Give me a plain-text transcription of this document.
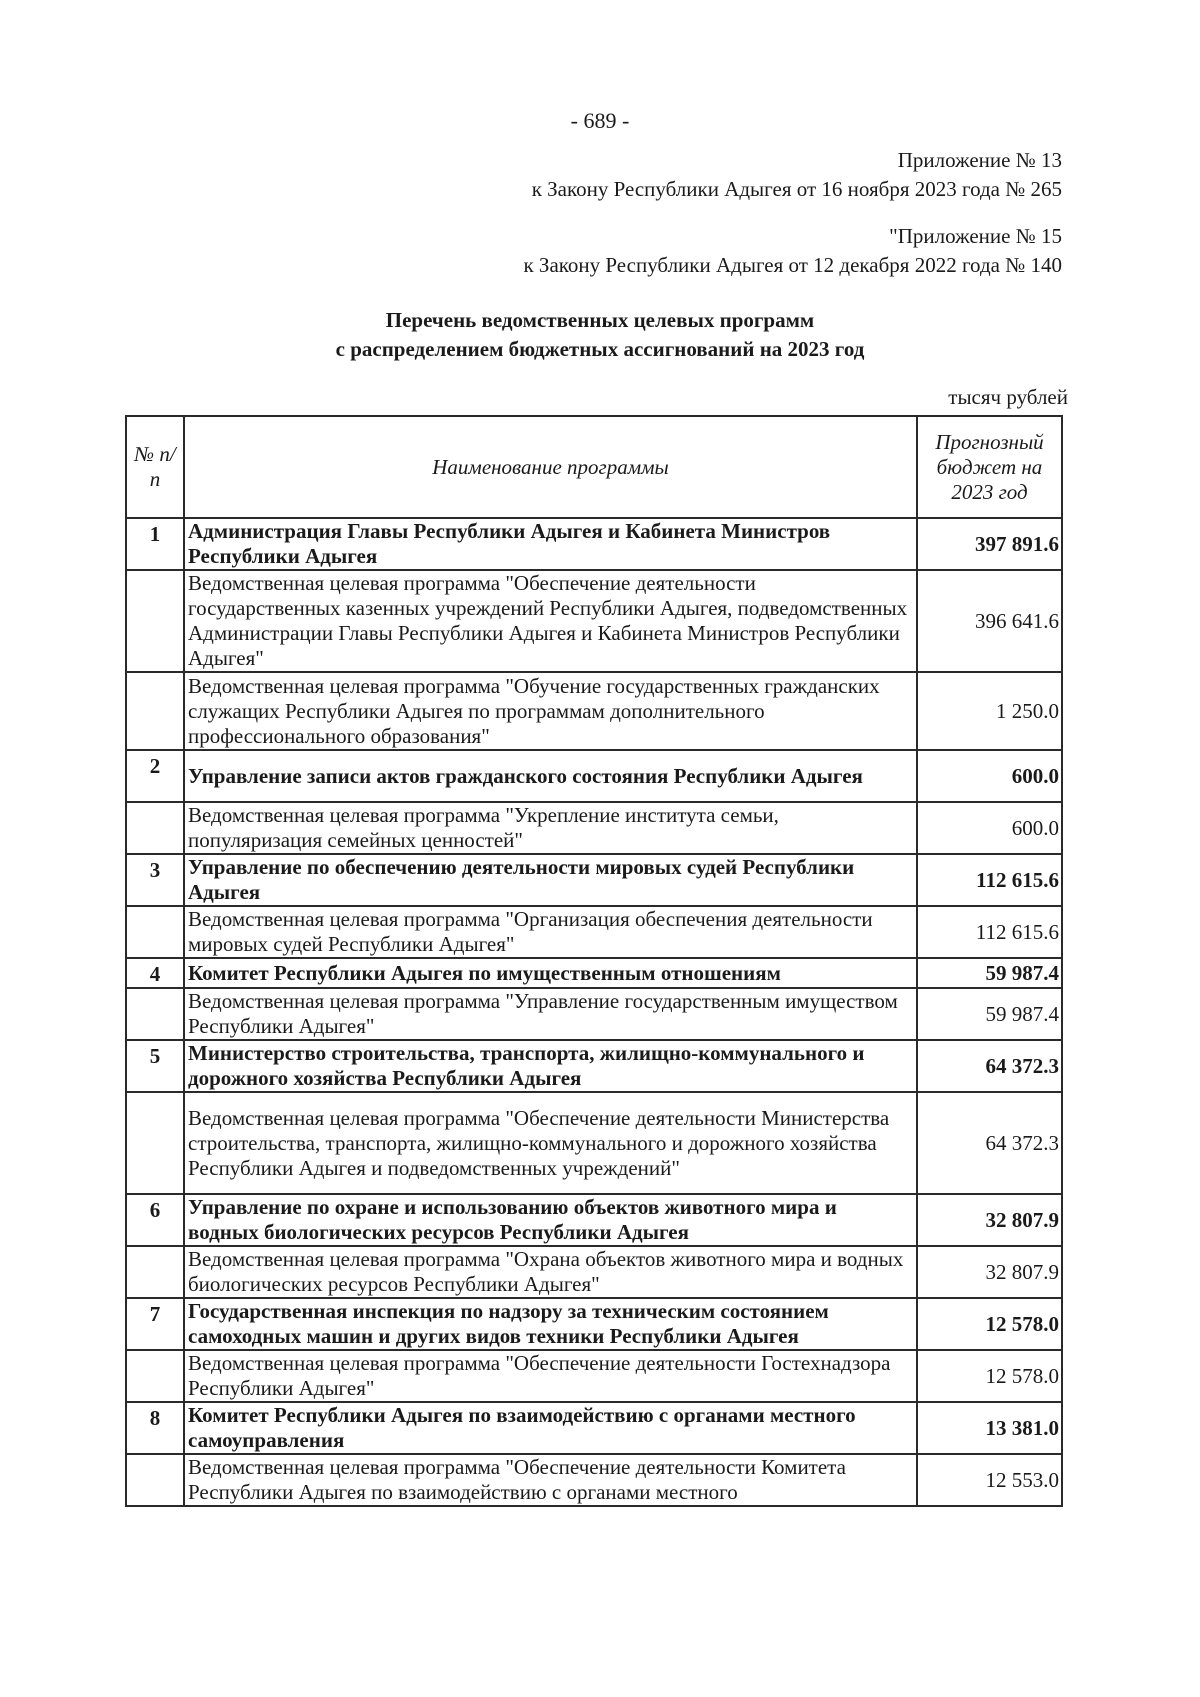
- 689 -
Приложение № 13
к Закону Республики Адыгея от 16 ноября 2023 года № 265
"Приложение № 15
к Закону Республики Адыгея от 12 декабря 2022 года № 140
Перечень ведомственных целевых программ
с распределением бюджетных ассигнований на 2023 год
тысяч рублей
№ п/п	Наименование программы	Прогнозный бюджет на 2023 год
1	Администрация Главы Республики Адыгея и Кабинета Министров Республики Адыгея	397 891.6
	Ведомственная целевая программа "Обеспечение деятельности государственных казенных учреждений Республики Адыгея, подведомственных Администрации Главы Республики Адыгея и Кабинета Министров Республики Адыгея"	396 641.6
	Ведомственная целевая программа "Обучение государственных гражданских служащих Республики Адыгея по программам дополнительного профессионального образования"	1 250.0
2	Управление записи актов гражданского состояния Республики Адыгея	600.0
	Ведомственная целевая программа "Укрепление института семьи, популяризация семейных ценностей"	600.0
3	Управление по обеспечению деятельности мировых судей Республики Адыгея	112 615.6
	Ведомственная целевая программа "Организация обеспечения деятельности мировых судей Республики Адыгея"	112 615.6
4	Комитет Республики Адыгея по имущественным отношениям	59 987.4
	Ведомственная целевая программа "Управление государственным имуществом Республики Адыгея"	59 987.4
5	Министерство строительства, транспорта, жилищно-коммунального и дорожного хозяйства Республики Адыгея	64 372.3
	Ведомственная целевая программа "Обеспечение деятельности Министерства строительства, транспорта, жилищно-коммунального и дорожного хозяйства Республики Адыгея и подведомственных учреждений"	64 372.3
6	Управление по охране и использованию объектов животного мира и водных биологических ресурсов Республики Адыгея	32 807.9
	Ведомственная целевая программа "Охрана объектов животного мира и водных биологических ресурсов Республики Адыгея"	32 807.9
7	Государственная инспекция по надзору за техническим состоянием самоходных машин и других видов техники Республики Адыгея	12 578.0
	Ведомственная целевая программа "Обеспечение деятельности Гостехнадзора Республики Адыгея"	12 578.0
8	Комитет Республики Адыгея по взаимодействию с органами местного самоуправления	13 381.0
	Ведомственная целевая программа "Обеспечение деятельности Комитета Республики Адыгея по взаимодействию с органами местного	12 553.0
